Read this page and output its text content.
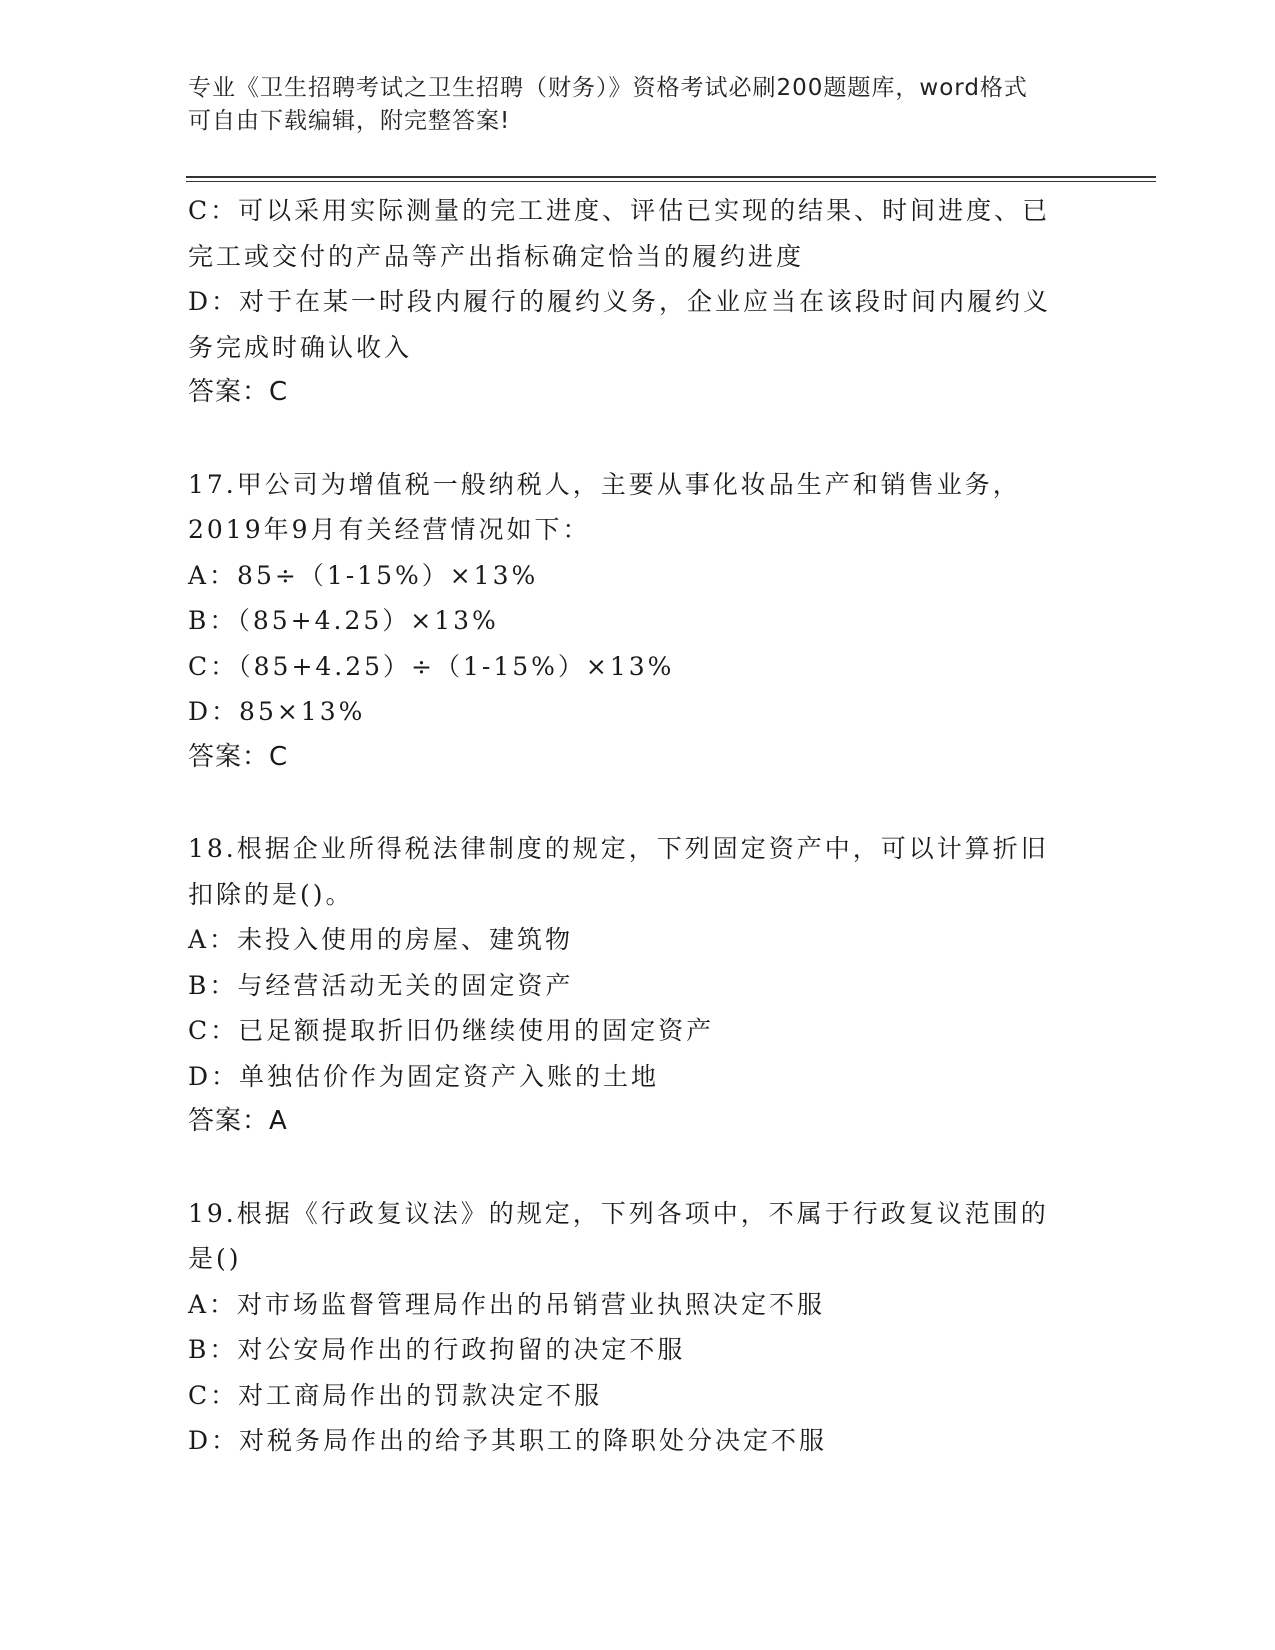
专业《卫生招聘考试之卫生招聘（财务）》资格考试必刷200题题库，word格式
可自由下载编辑，附完整答案!
C：可以采用实际测量的完工进度、评估已实现的结果、时间进度、已
完工或交付的产品等产出指标确定恰当的履约进度
D：对于在某一时段内履行的履约义务，企业应当在该段时间内履约义
务完成时确认收入
答案：C
17.甲公司为增值税一般纳税人，主要从事化妆品生产和销售业务，
2019年9月有关经营情况如下：
A：85÷（1-15%）×13%
B：（85+4.25）×13%
C：（85+4.25）÷（1-15%）×13%
D：85×13%
答案：C
18.根据企业所得税法律制度的规定，下列固定资产中，可以计算折旧
扣除的是()。
A：未投入使用的房屋、建筑物
B：与经营活动无关的固定资产
C：已足额提取折旧仍继续使用的固定资产
D：单独估价作为固定资产入账的土地
答案：A
19.根据《行政复议法》的规定，下列各项中，不属于行政复议范围的
是()
A：对市场监督管理局作出的吊销营业执照决定不服
B：对公安局作出的行政拘留的决定不服
C：对工商局作出的罚款决定不服
D：对税务局作出的给予其职工的降职处分决定不服
